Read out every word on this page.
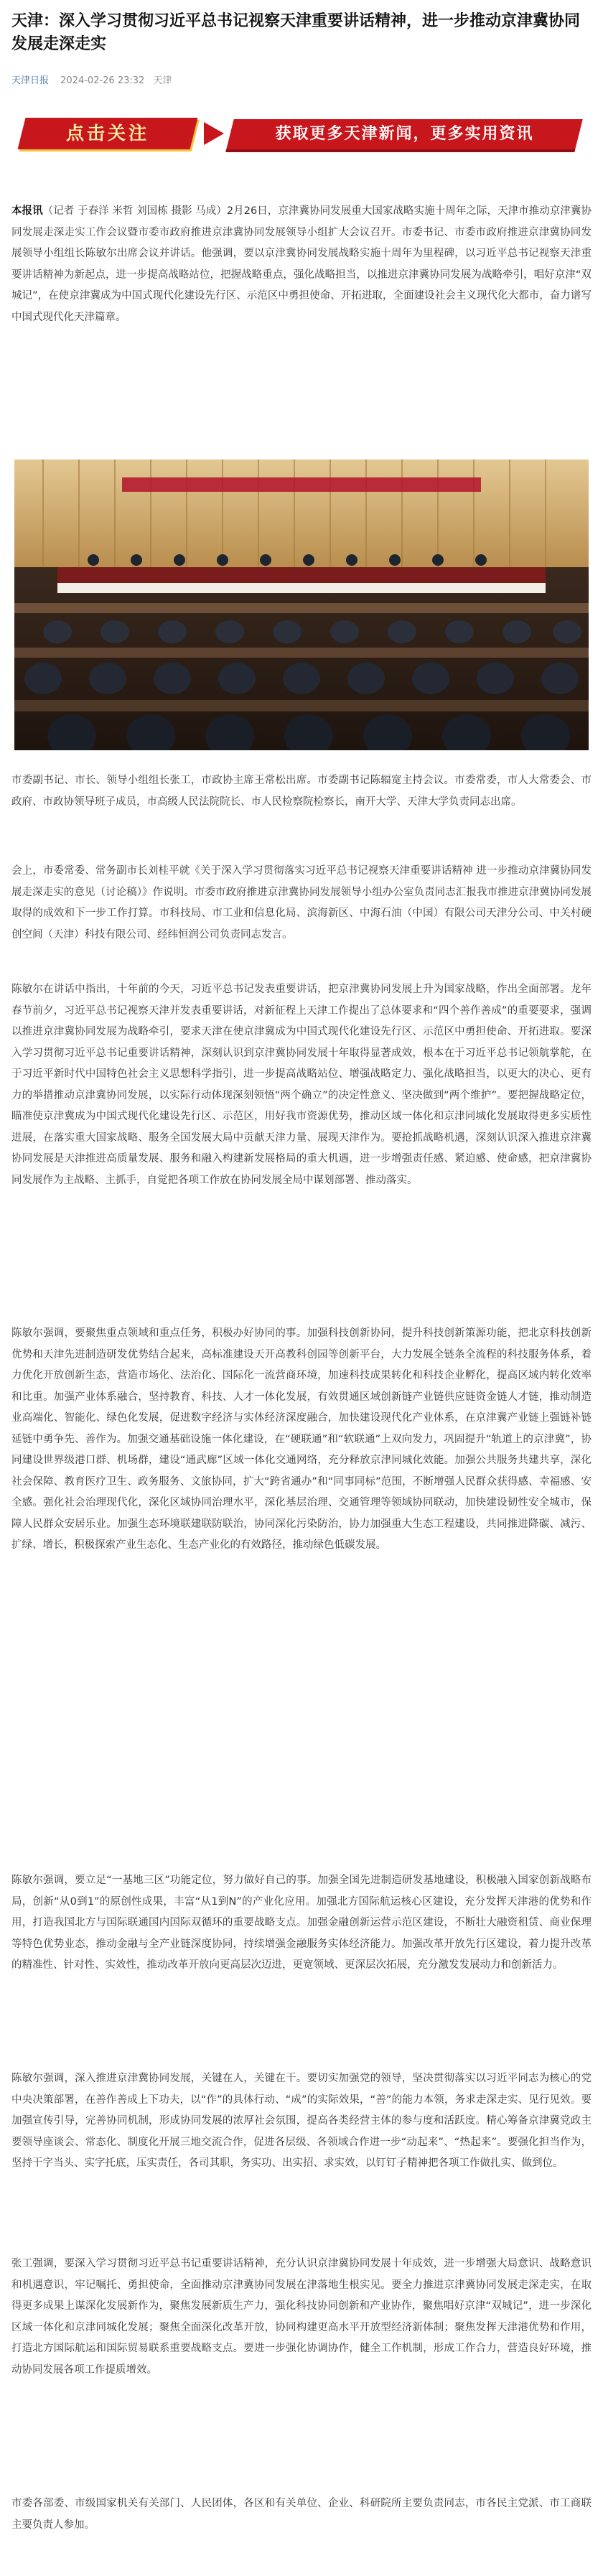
天津：深入学习贯彻习近平总书记视察天津重要讲话精神，进一步推动京津冀协同发展走深走实
天津日报 2024-02-26 23:32 天津
点击关注	获取更多天津新闻，更多实用资讯

本报讯（记者 于春洋 米哲 刘国栋 摄影 马成）2月26日，京津冀协同发展重大国家战略实施十周年之际，天津市推动京津冀协同发展走深走实工作会议暨市委市政府推进京津冀协同发展领导小组扩大会议召开。市委书记、市委市政府推进京津冀协同发展领导小组组长陈敏尔出席会议并讲话。他强调，要以京津冀协同发展战略实施十周年为里程碑，以习近平总书记视察天津重要讲话精神为新起点，进一步提高战略站位，把握战略重点，强化战略担当，以推进京津冀协同发展为战略牵引，唱好京津“双城记”，在使京津冀成为中国式现代化建设先行区、示范区中勇担使命、开拓进取，全面建设社会主义现代化大都市，奋力谱写中国式现代化天津篇章。

市委副书记、市长、领导小组组长张工，市政协主席王常松出席。市委副书记陈辐宽主持会议。市委常委，市人大常委会、市政府、市政协领导班子成员，市高级人民法院院长、市人民检察院检察长，南开大学、天津大学负责同志出席。

会上，市委常委、常务副市长刘桂平就《关于深入学习贯彻落实习近平总书记视察天津重要讲话精神 进一步推动京津冀协同发展走深走实的意见（讨论稿）》作说明。市委市政府推进京津冀协同发展领导小组办公室负责同志汇报我市推进京津冀协同发展取得的成效和下一步工作打算。市科技局、市工业和信息化局、滨海新区、中海石油（中国）有限公司天津分公司、中关村硬创空间（天津）科技有限公司、经纬恒润公司负责同志发言。

陈敏尔在讲话中指出，十年前的今天，习近平总书记发表重要讲话，把京津冀协同发展上升为国家战略，作出全面部署。龙年春节前夕，习近平总书记视察天津并发表重要讲话，对新征程上天津工作提出了总体要求和“四个善作善成”的重要要求，强调以推进京津冀协同发展为战略牵引，要求天津在使京津冀成为中国式现代化建设先行区、示范区中勇担使命、开拓进取。要深入学习贯彻习近平总书记重要讲话精神，深刻认识到京津冀协同发展十年取得显著成效，根本在于习近平总书记领航掌舵，在于习近平新时代中国特色社会主义思想科学指引，进一步提高战略站位、增强战略定力、强化战略担当，以更大的决心、更有力的举措推动京津冀协同发展，以实际行动体现深刻领悟“两个确立”的决定性意义、坚决做到“两个维护”。要把握战略定位，瞄准使京津冀成为中国式现代化建设先行区、示范区，用好我市资源优势，推动区域一体化和京津同城化发展取得更多实质性进展，在落实重大国家战略、服务全国发展大局中贡献天津力量、展现天津作为。要抢抓战略机遇，深刻认识深入推进京津冀协同发展是天津推进高质量发展、服务和融入构建新发展格局的重大机遇，进一步增强责任感、紧迫感、使命感，把京津冀协同发展作为主战略、主抓手，自觉把各项工作放在协同发展全局中谋划部署、推动落实。

陈敏尔强调，要聚焦重点领域和重点任务，积极办好协同的事。加强科技创新协同，提升科技创新策源功能，把北京科技创新优势和天津先进制造研发优势结合起来，高标准建设天开高教科创园等创新平台，大力发展全链条全流程的科技服务体系，着力优化开放创新生态，营造市场化、法治化、国际化一流营商环境，加速科技成果转化和科技企业孵化，提高区域内转化效率和比重。加强产业体系融合，坚持教育、科技、人才一体化发展，有效贯通区域创新链产业链供应链资金链人才链，推动制造业高端化、智能化、绿色化发展，促进数字经济与实体经济深度融合，加快建设现代化产业体系，在京津冀产业链上强链补链延链中勇争先、善作为。加强交通基础设施一体化建设，在“硬联通”和“软联通”上双向发力，巩固提升“轨道上的京津冀”，协同建设世界级港口群、机场群，建设“通武廊”区域一体化交通网络，充分释放京津同城化效能。加强公共服务共建共享，深化社会保障、教育医疗卫生、政务服务、文旅协同，扩大“跨省通办”和“同事同标”范围，不断增强人民群众获得感、幸福感、安全感。强化社会治理现代化，深化区域协同治理水平，深化基层治理、交通管理等领域协同联动，加快建设韧性安全城市，保障人民群众安居乐业。加强生态环境联建联防联治，协同深化污染防治，协力加强重大生态工程建设，共同推进降碳、减污、扩绿、增长，积极探索产业生态化、生态产业化的有效路径，推动绿色低碳发展。

陈敏尔强调，要立足“一基地三区”功能定位，努力做好自己的事。加强全国先进制造研发基地建设，积极融入国家创新战略布局，创新“从0到1”的原创性成果，丰富“从1到N”的产业化应用。加强北方国际航运核心区建设，充分发挥天津港的优势和作用，打造我国北方与国际联通国内国际双循环的重要战略支点。加强金融创新运营示范区建设，不断壮大融资租赁、商业保理等特色优势业态，推动金融与全产业链深度协同，持续增强金融服务实体经济能力。加强改革开放先行区建设，着力提升改革的精准性、针对性、实效性，推动改革开放向更高层次迈进，更宽领域、更深层次拓展，充分激发发展动力和创新活力。

陈敏尔强调，深入推进京津冀协同发展，关键在人，关键在干。要切实加强党的领导，坚决贯彻落实以习近平同志为核心的党中央决策部署，在善作善成上下功夫，以“作”的具体行动、“成”的实际效果，“善”的能力本领，务求走深走实、见行见效。要加强宣传引导，完善协同机制，形成协同发展的浓厚社会氛围，提高各类经营主体的参与度和活跃度。精心筹备京津冀党政主要领导座谈会、常态化、制度化开展三地交流合作，促进各层级、各领域合作进一步“动起来”、“热起来”。要强化担当作为，坚持干字当头、实字托底，压实责任，各司其职，务实功、出实招、求实效，以钉钉子精神把各项工作做扎实、做到位。

张工强调，要深入学习贯彻习近平总书记重要讲话精神，充分认识京津冀协同发展十年成效，进一步增强大局意识、战略意识和机遇意识，牢记嘱托、勇担使命，全面推动京津冀协同发展在津落地生根实见。要全力推进京津冀协同发展走深走实，在取得更多成果上谋深化发展新作为，聚焦发展新质生产力，强化科技协同创新和产业协作，聚焦唱好京津“双城记”，进一步深化区域一体化和京津同城化发展；聚焦全面深化改革开放，协同构建更高水平开放型经济新体制；聚焦发挥天津港优势和作用，打造北方国际航运和国际贸易联系重要战略支点。要进一步强化协调协作，健全工作机制，形成工作合力，营造良好环境，推动协同发展各项工作提质增效。

市委各部委、市级国家机关有关部门、人民团体，各区和有关单位、企业、科研院所主要负责同志，市各民主党派、市工商联主要负责人参加。
